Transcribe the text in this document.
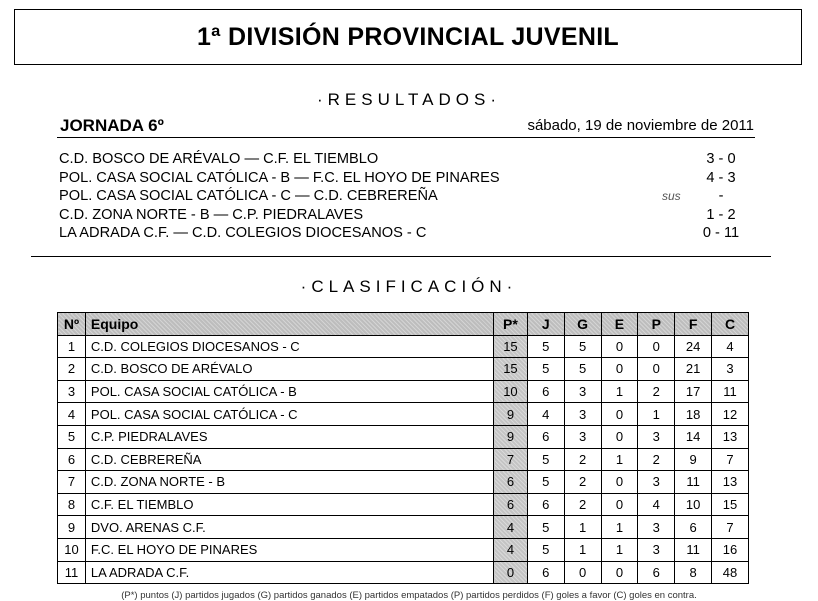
1ª DIVISIÓN PROVINCIAL JUVENIL
·RESULTADOS·
JORNADA 6º	sábado, 19 de noviembre de 2011
C.D. BOSCO DE ARÉVALO — C.F. EL TIEMBLO	3 - 0
POL. CASA SOCIAL CATÓLICA - B — F.C. EL HOYO DE PINARES	4 - 3
POL. CASA SOCIAL CATÓLICA - C — C.D. CEBREREÑA	sus	-
C.D. ZONA NORTE - B — C.P. PIEDRALAVES	1 - 2
LA ADRADA C.F. — C.D. COLEGIOS DIOCESANOS - C	0 - 11
·CLASIFICACIÓN·
Nº	Equipo	P*	J	G	E	P	F	C
1	C.D. COLEGIOS DIOCESANOS - C	15	5	5	0	0	24	4
2	C.D. BOSCO DE ARÉVALO	15	5	5	0	0	21	3
3	POL. CASA SOCIAL CATÓLICA - B	10	6	3	1	2	17	11
4	POL. CASA SOCIAL CATÓLICA - C	9	4	3	0	1	18	12
5	C.P. PIEDRALAVES	9	6	3	0	3	14	13
6	C.D. CEBREREÑA	7	5	2	1	2	9	7
7	C.D. ZONA NORTE - B	6	5	2	0	3	11	13
8	C.F. EL TIEMBLO	6	6	2	0	4	10	15
9	DVO. ARENAS C.F.	4	5	1	1	3	6	7
10	F.C. EL HOYO DE PINARES	4	5	1	1	3	11	16
11	LA ADRADA C.F.	0	6	0	0	6	8	48
(P*) puntos (J) partidos jugados (G) partidos ganados (E) partidos empatados (P) partidos perdidos (F) goles a favor (C) goles en contra.
